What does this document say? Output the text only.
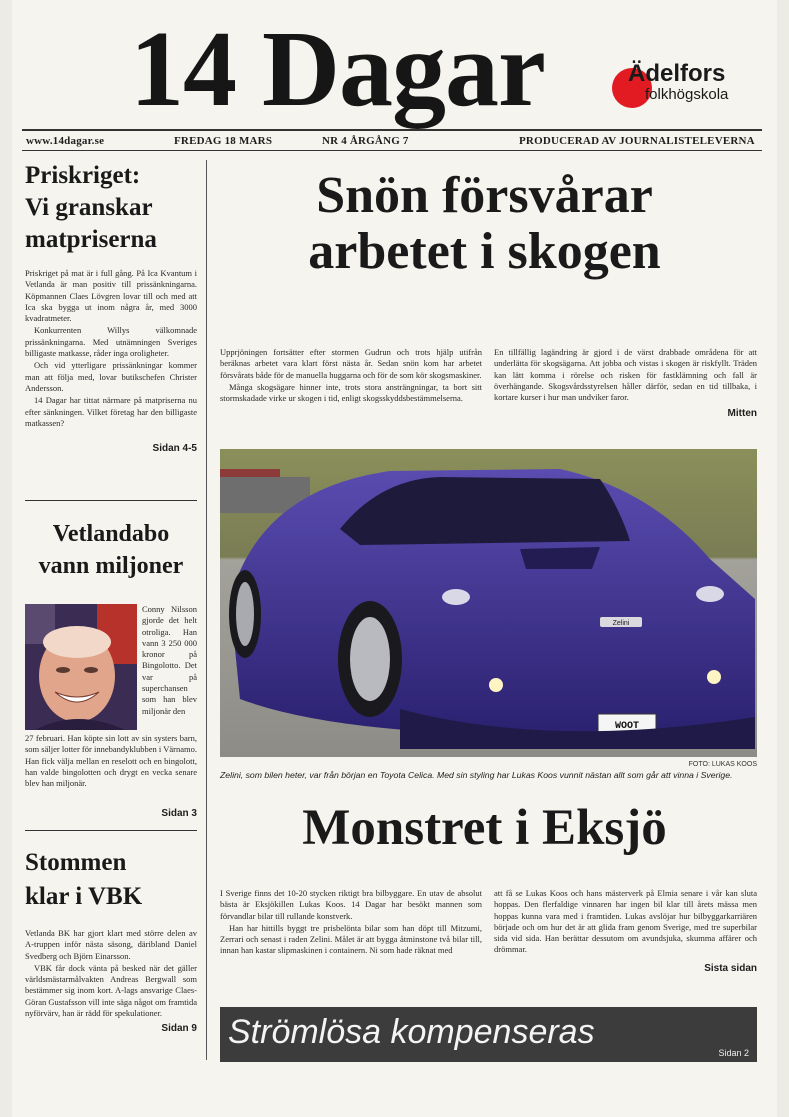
14 Dagar	Ädelfors
folkhögskola
www.14dagar.se	FREDAG 18 MARS	NR 4 ÅRGÅNG 7	PRODUCERAD AV JOURNALISTELEVERNA
Priskriget:
Vi granskar
matpriserna

Priskriget på mat är i full gång. På Ica Kvantum i Vetlanda är man positiv till prissänkningarna. Köpmannen Claes Lövgren lovar till och med att Ica ska bygga ut inom några år, med 3000 kvadratmeter.

Konkurrenten Willys välkomnade prissänkningarna. Med utnämningen Sveriges billigaste matkasse, råder inga oroligheter.

Och vid ytterligare prissänkningar kommer man att följa med, lovar butikschefen Christer Andersson.

14 Dagar har tittat närmare på matpriserna nu efter sänkningen. Vilket företag har den billigaste matkassen?

Sidan 4-5
Vetlandabo
vann miljoner
Conny Nilsson gjorde det helt otroliga. Han vann 3 250 000 kronor på Bingolotto. Det var på superchansen som han blev miljonär den
27 februari. Han köpte sin lott av sin systers barn, som säljer lotter för innebandyklubben i Värnamo. Han fick välja mellan en reselott och en bingolott, han valde bingolotten och drygt en vecka senare blev han miljonär.
Sidan 3
Stommen
klar i VBK

Vetlanda BK har gjort klart med större delen av A-truppen inför nästa säsong, däribland Daniel Svedberg och Björn Einarsson.

VBK får dock vänta på besked när det gäller världsmästarmålvakten Andreas Bergwall som bestämmer sig inom kort. A-lags ansvarige Claes-Göran Gustafsson vill inte säga något om framtida nyförvärv, han är rädd för spekulationer.

Sidan 9
Snön försvårar
arbetet i skogen

Upprjöningen fortsätter efter stormen Gudrun och trots hjälp utifrån beräknas arbetet vara klart först nästa år. Sedan snön kom har arbetet försvårats både för de manuella huggarna och för de som kör skogsmaskiner.

Många skogsägare hinner inte, trots stora ansträngningar, ta bort sitt stormskadade virke ur skogen i tid, enligt skogsskyddsbestämmelserna.

En tillfällig lagändring är gjord i de värst drabbade områdena för att underlätta för skogsägarna. Att jobba och vistas i skogen är riskfyllt. Träden kan lätt komma i rörelse och risken för fastklämning och fall är överhängande. Skogsvårdsstyrelsen håller därför, sedan en tid tillbaka, i kortare kurser i hur man undviker faror.

Mitten
Zelini
WOOT
FOTO: LUKAS KOOS
Zelini, som bilen heter, var från början en Toyota Celica. Med sin styling har Lukas Koos vunnit nästan allt som går att vinna i Sverige.
Monstret i Eksjö

I Sverige finns det 10-20 stycken riktigt bra bilbyggare. En utav de absolut bästa är Eksjökillen Lukas Koos. 14 Dagar har besökt mannen som förvandlar bilar till rullande konstverk.

Han har hittills byggt tre prisbelönta bilar som han döpt till Mitzumi, Zerrari och senast i raden Zelini. Målet är att bygga åtminstone två bilar till, innan han kastar slipmaskinen i containern. Ni som hade räknat med

att få se Lukas Koos och hans mästerverk på Elmia senare i vår kan sluta hoppas. Den flerfaldige vinnaren har ingen bil klar till årets mässa men hoppas kunna vara med i framtiden. Lukas avslöjar hur bilbyggarkarriären började och om hur det är att glida fram genom Sverige, med tre superbilar sida vid sida. Han berättar dessutom om avundsjuka, skumma affärer och drömmar.

Sista sidan
Strömlösa kompenseras
Sidan 2
